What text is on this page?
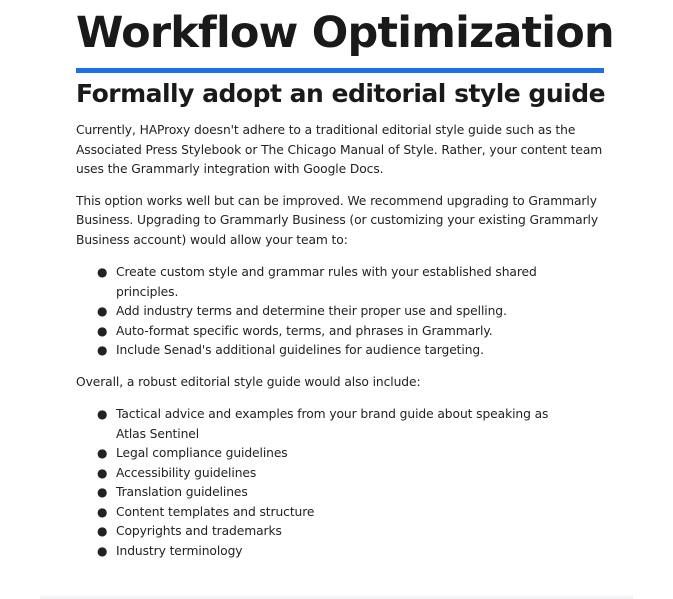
Workflow Optimization
Formally adopt an editorial style guide

Currently, HAProxy doesn't adhere to a traditional editorial style guide such as the Associated Press Stylebook or The Chicago Manual of Style. Rather, your content team uses the Grammarly integration with Google Docs.

This option works well but can be improved. We recommend upgrading to Grammarly Business. Upgrading to Grammarly Business (or customizing your existing Grammarly Business account) would allow your team to:

● Create custom style and grammar rules with your established shared principles.
● Add industry terms and determine their proper use and spelling.
● Auto-format specific words, terms, and phrases in Grammarly.
● Include Senad's additional guidelines for audience targeting.

Overall, a robust editorial style guide would also include:

● Tactical advice and examples from your brand guide about speaking as Atlas Sentinel
● Legal compliance guidelines
● Accessibility guidelines
● Translation guidelines
● Content templates and structure
● Copyrights and trademarks
● Industry terminology
